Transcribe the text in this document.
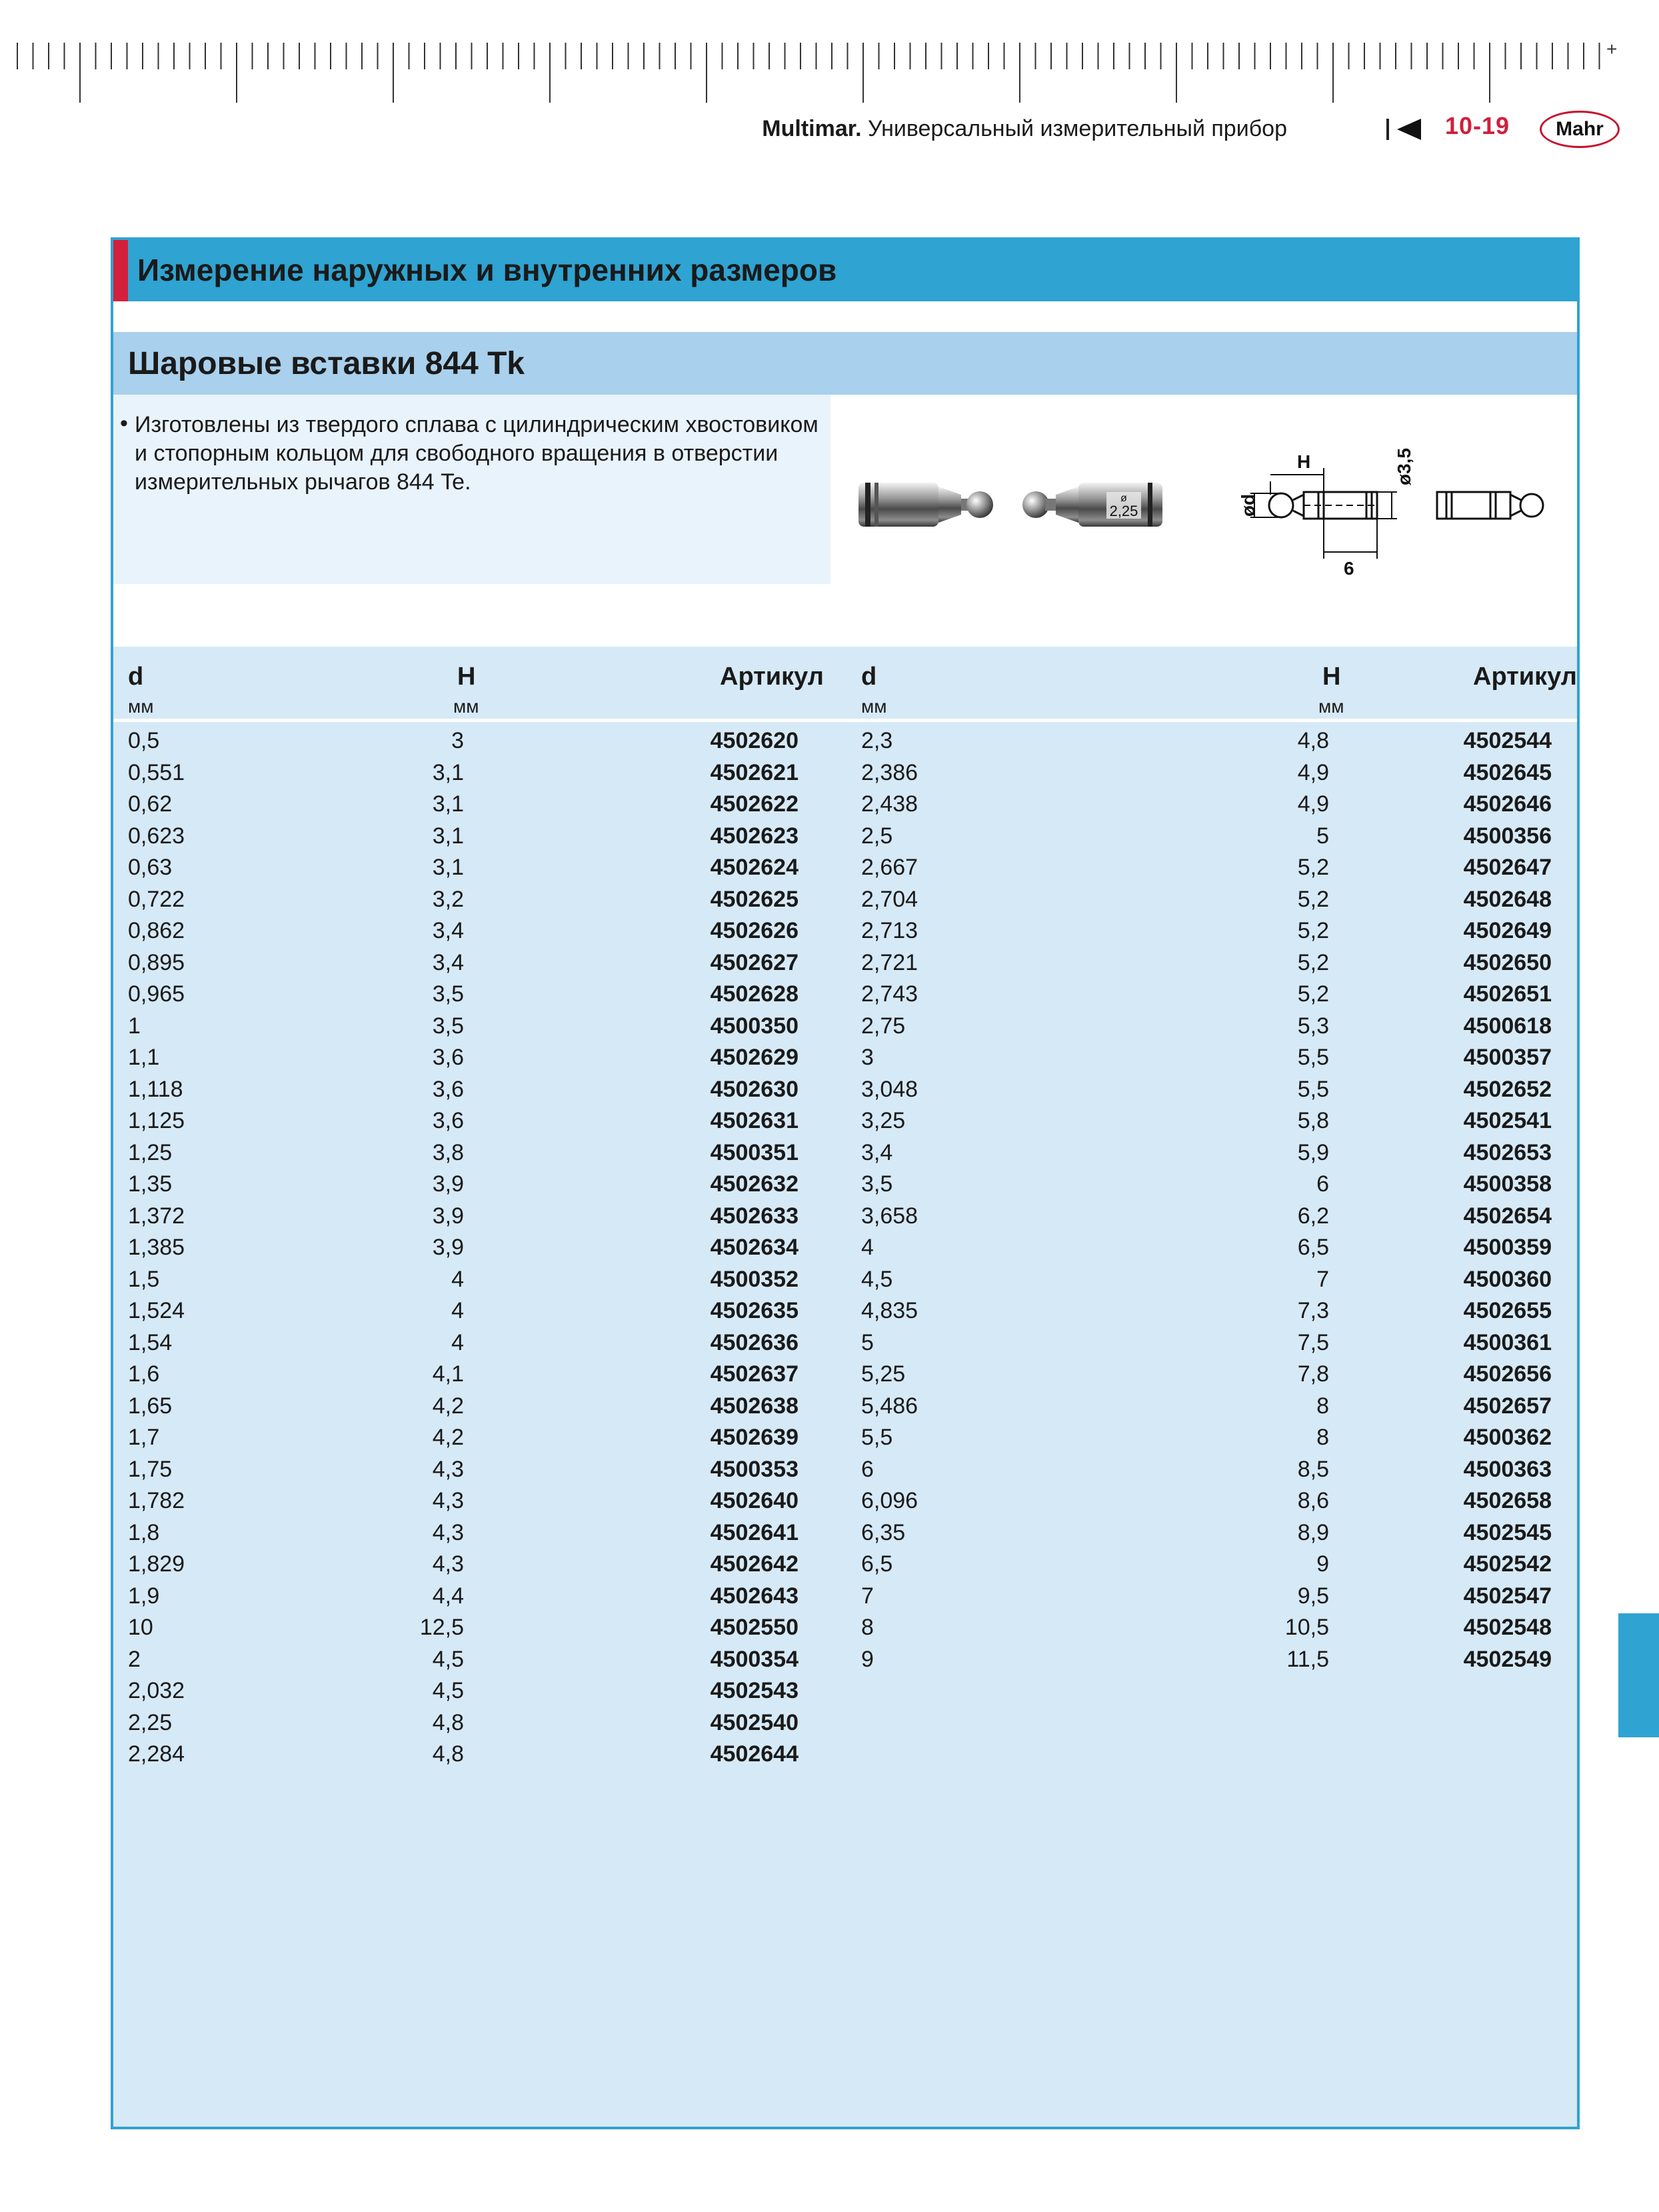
+
Multimar. Универсальный измерительный прибор	10-19	Mahr
Измерение наружных и внутренних размеров
Шаровые вставки 844 Tk
• Изготовлены из твердого сплава с цилиндрическим хвостовиком и стопорным кольцом для свободного вращения в отверстии измерительных рычагов 844 Te.
ø
2,25
H
ød
6
ø3,5
d	H	Артикул
мм	мм
0,5	3	4502620
0,551	3,1	4502621
0,62	3,1	4502622
0,623	3,1	4502623
0,63	3,1	4502624
0,722	3,2	4502625
0,862	3,4	4502626
0,895	3,4	4502627
0,965	3,5	4502628
1	3,5	4500350
1,1	3,6	4502629
1,118	3,6	4502630
1,125	3,6	4502631
1,25	3,8	4500351
1,35	3,9	4502632
1,372	3,9	4502633
1,385	3,9	4502634
1,5	4	4500352
1,524	4	4502635
1,54	4	4502636
1,6	4,1	4502637
1,65	4,2	4502638
1,7	4,2	4502639
1,75	4,3	4500353
1,782	4,3	4502640
1,8	4,3	4502641
1,829	4,3	4502642
1,9	4,4	4502643
10	12,5	4502550
2	4,5	4500354
2,032	4,5	4502543
2,25	4,8	4502540
2,284	4,8	4502644
d	H	Артикул
мм	мм
2,3	4,8	4502544
2,386	4,9	4502645
2,438	4,9	4502646
2,5	5	4500356
2,667	5,2	4502647
2,704	5,2	4502648
2,713	5,2	4502649
2,721	5,2	4502650
2,743	5,2	4502651
2,75	5,3	4500618
3	5,5	4500357
3,048	5,5	4502652
3,25	5,8	4502541
3,4	5,9	4502653
3,5	6	4500358
3,658	6,2	4502654
4	6,5	4500359
4,5	7	4500360
4,835	7,3	4502655
5	7,5	4500361
5,25	7,8	4502656
5,486	8	4502657
5,5	8	4500362
6	8,5	4500363
6,096	8,6	4502658
6,35	8,9	4502545
6,5	9	4502542
7	9,5	4502547
8	10,5	4502548
9	11,5	4502549
